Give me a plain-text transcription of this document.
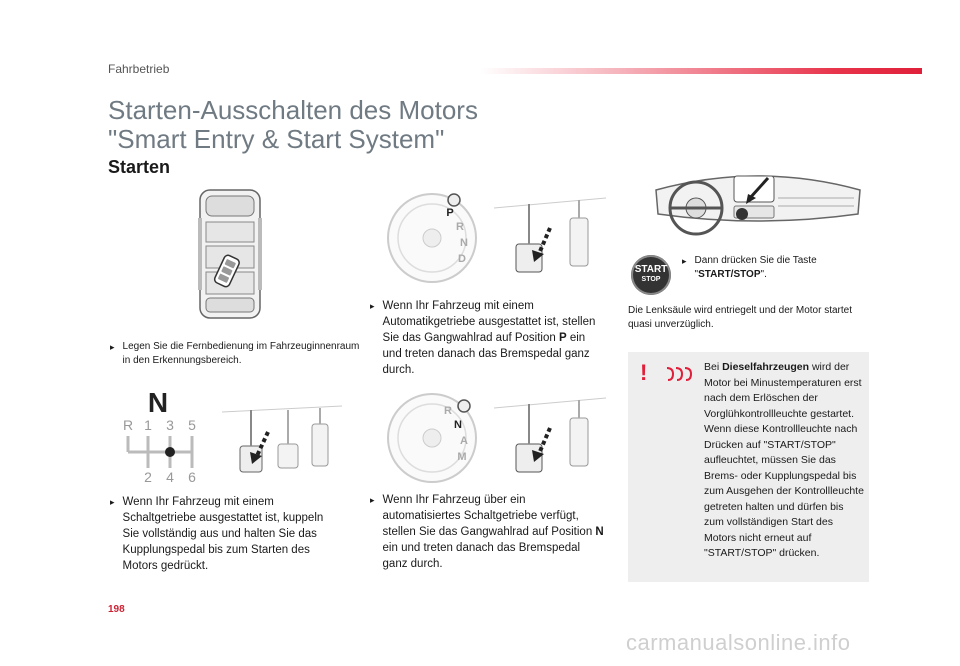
Fahrbetrieb
Starten-Ausschalten des Motors
"Smart Entry & Start System"
Starten
▸ Legen Sie die Fernbedienung im Fahrzeuginnenraum in den Erkennungsbereich.
N
R 1 3 5
2 4 6
▸ Wenn Ihr Fahrzeug mit einem Schaltgetriebe ausgestattet ist, kuppeln Sie vollständig aus und halten Sie das Kupplungspedal bis zum Starten des Motors gedrückt.
P
R
N
D
▸ Wenn Ihr Fahrzeug mit einem Automatikgetriebe ausgestattet ist, stellen Sie das Gangwahlrad auf Position P ein und treten danach das Bremspedal ganz durch.
R
N
A
M
▸ Wenn Ihr Fahrzeug über ein automatisiertes Schaltgetriebe verfügt, stellen Sie das Gangwahlrad auf Position N ein und treten danach das Bremspedal ganz durch.
START
STOP
▸ Dann drücken Sie die Taste "START/STOP".
Die Lenksäule wird entriegelt und der Motor startet quasi unverzüglich.
!	Bei Dieselfahrzeugen wird der Motor bei Minustemperaturen erst nach dem Erlöschen der Vorglühkontrollleuchte gestartet. Wenn diese Kontrollleuchte nach Drücken auf "START/STOP" aufleuchtet, müssen Sie das Brems- oder Kupplungspedal bis zum Ausgehen der Kontrollleuchte getreten halten und dürfen bis zum vollständigen Start des Motors nicht erneut auf "START/STOP" drücken.
198
carmanualsonline.info
